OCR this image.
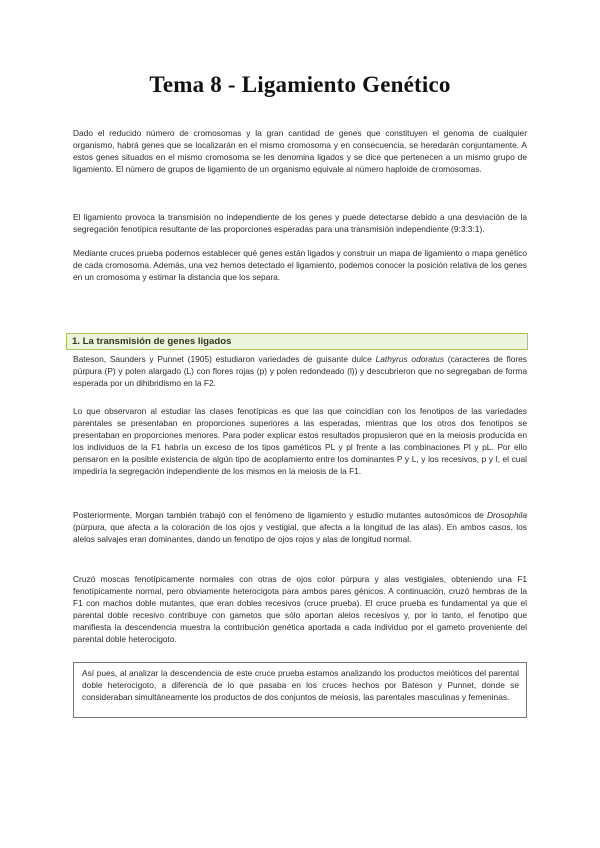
Tema 8 - Ligamiento Genético

Dado el reducido número de cromosomas y la gran cantidad de genes que constituyen el genoma de cualquier organismo, habrá genes que se localizarán en el mismo cromosoma y en consecuencia, se heredarán conjuntamente. A estos genes situados en el mismo cromosoma se les denomina ligados y se dice que pertenecen a un mismo grupo de ligamiento. El número de grupos de ligamiento de un organismo equivale al número haploide de cromosomas.

El ligamiento provoca la transmisión no independiente de los genes y puede detectarse debido a una desviación de la segregación fenotípica resultante de las proporciones esperadas para una transmisión independiente (9:3:3:1).

Mediante cruces prueba podemos establecer qué genes están ligados y construir un mapa de ligamiento o mapa genético de cada cromosoma. Además, una vez hemos detectado el ligamiento, podemos conocer la posición relativa de los genes en un cromosoma y estimar la distancia que los separa.

1. La transmisión de genes ligados

Bateson, Saunders y Punnet (1905) estudiaron variedades de guisante dulce Lathyrus odoratus (caracteres de flores púrpura (P) y polen alargado (L) con flores rojas (p) y polen redondeado (l)) y descubrieron que no segregaban de forma esperada por un dihibridismo en la F2.

Lo que observaron al estudiar las clases fenotípicas es que las que coincidían con los fenotipos de las variedades parentales se presentaban en proporciones superiores a las esperadas, mientras que los otros dos fenotipos se presentaban en proporciones menores. Para poder explicar estos resultados propusieron que en la meiosis producida en los individuos de la F1 habría un exceso de los tipos gaméticos PL y pl frente a las combinaciones Pl y pL. Por ello pensaron en la posible existencia de algún tipo de acoplamiento entre los dominantes P y L, y los recesivos, p y l, el cual impediría la segregación independiente de los mismos en la meiosis de la F1.

Posteriormente, Morgan también trabajó con el fenómeno de ligamiento y estudio mutantes autosómicos de Drosophila (púrpura, que afecta a la coloración de los ojos y vestigial, que afecta a la longitud de las alas). En ambos casos, los alelos salvajes eran dominantes, dando un fenotipo de ojos rojos y alas de longitud normal.

Cruzó moscas fenotípicamente normales con otras de ojos color púrpura y alas vestigiales, obteniendo una F1 fenotípicamente normal, pero obviamente heterocigota para ambos pares génicos. A continuación, cruzó hembras de la F1 con machos doble mutantes, que eran dobles recesivos (cruce prueba). El cruce prueba es fundamental ya que el parental doble recesivo contribuye con gametos que sólo aportan alelos recesivos y, por lo tanto, el fenotipo que manifiesta la descendencia muestra la contribución genética aportada a cada individuo por el gameto proveniente del parental doble heterocigoto.

Así pues, al analizar la descendencia de este cruce prueba estamos analizando los productos meióticos del parental doble heterocigoto, a diferencia de lo que pasaba en los cruces hechos por Bateson y Punnet, donde se consideraban simultáneamente los productos de dos conjuntos de meiosis, las parentales masculinas y femeninas.
